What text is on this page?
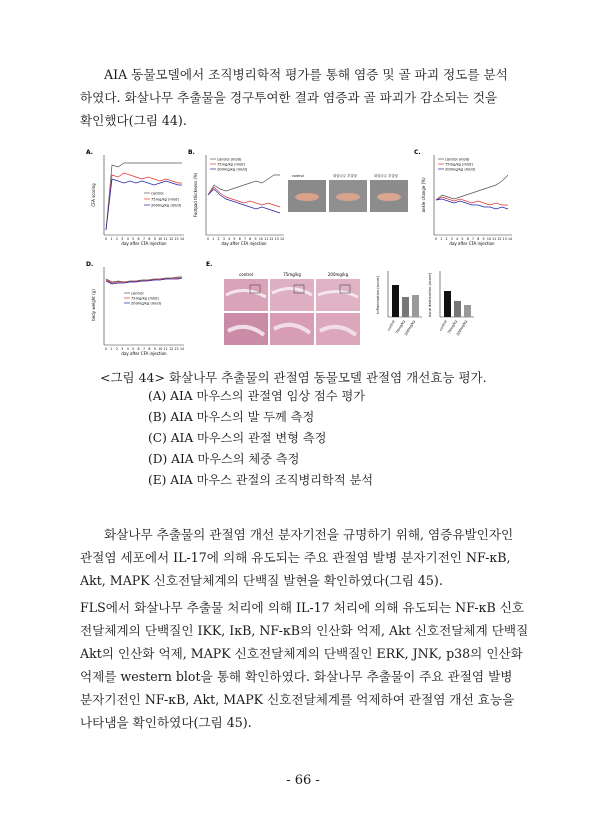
AIA 동물모델에서 조직병리학적 평가를 통해 염증 및 골 파괴 정도를 분석

하였다. 화살나무 추출물을 경구투여한 결과 염증과 골 파괴가 감소되는 것을

확인했다(그림 44).

A.
CFA scoring
day after CFA injection
0 1 2 3 4 5 6 7 8 9 10 11 12 13 14
control
75mg/kg (ml/d)
200mg/kg (ml/d)
B.
Footpad thickness (%)
day after CFA injection
0 1 2 3 4 5 6 7 8 9 10 11 12 13 14
control (ml/d)
75mg/kg (ml/d)
200mg/kg (ml/d)
control	화살나무 추출물	화살나무 추출물
C.
ankle change (%)
day after CFA injection
0 1 2 3 4 5 6 7 8 9 10 11 12 13 14
control (ml/d)
75mg/kg (ml/d)
200mg/kg (ml/d)
D.
body weight (g)
day after CFA injection
0 1 2 3 4 5 6 7 8 9 10 11 12 13 14
control
75mg/kg (ml/d)
200mg/kg (ml/d)
E.
control	75mg/kg	200mg/kg
Inflammation (score)
control 75mg/kg
200mg/kg
bone destruction (score)
control 75mg/kg
200mg/kg

<그림 44> 화살나무 추출물의 관절염 동물모델 관절염 개선효능 평가.

(A) AIA 마우스의 관절염 임상 점수 평가

(B) AIA 마우스의 발 두께 측정

(C) AIA 마우스의 관절 변형 측정

(D) AIA 마우스의 체중 측정

(E) AIA 마우스 관절의 조직병리학적 분석

화살나무 추출물의 관절염 개선 분자기전을 규명하기 위해, 염증유발인자인

관절염 세포에서 IL-17에 의해 유도되는 주요 관절염 발병 분자기전인 NF-κB,

Akt, MAPK 신호전달체계의 단백질 발현을 확인하였다(그림 45).

FLS에서 화살나무 추출물 처리에 의해 IL-17 처리에 의해 유도되는 NF-κB 신호

전달체계의 단백질인 IKK, IκB, NF-κB의 인산화 억제, Akt 신호전달체계 단백질

Akt의 인산화 억제, MAPK 신호전달체계의 단백질인 ERK, JNK, p38의 인산화

억제를 western blot을 통해 확인하였다. 화살나무 추출물이 주요 관절염 발병

분자기전인 NF-κB, Akt, MAPK 신호전달체계를 억제하여 관절염 개선 효능을

나타냄을 확인하였다(그림 45).

- 66 -
